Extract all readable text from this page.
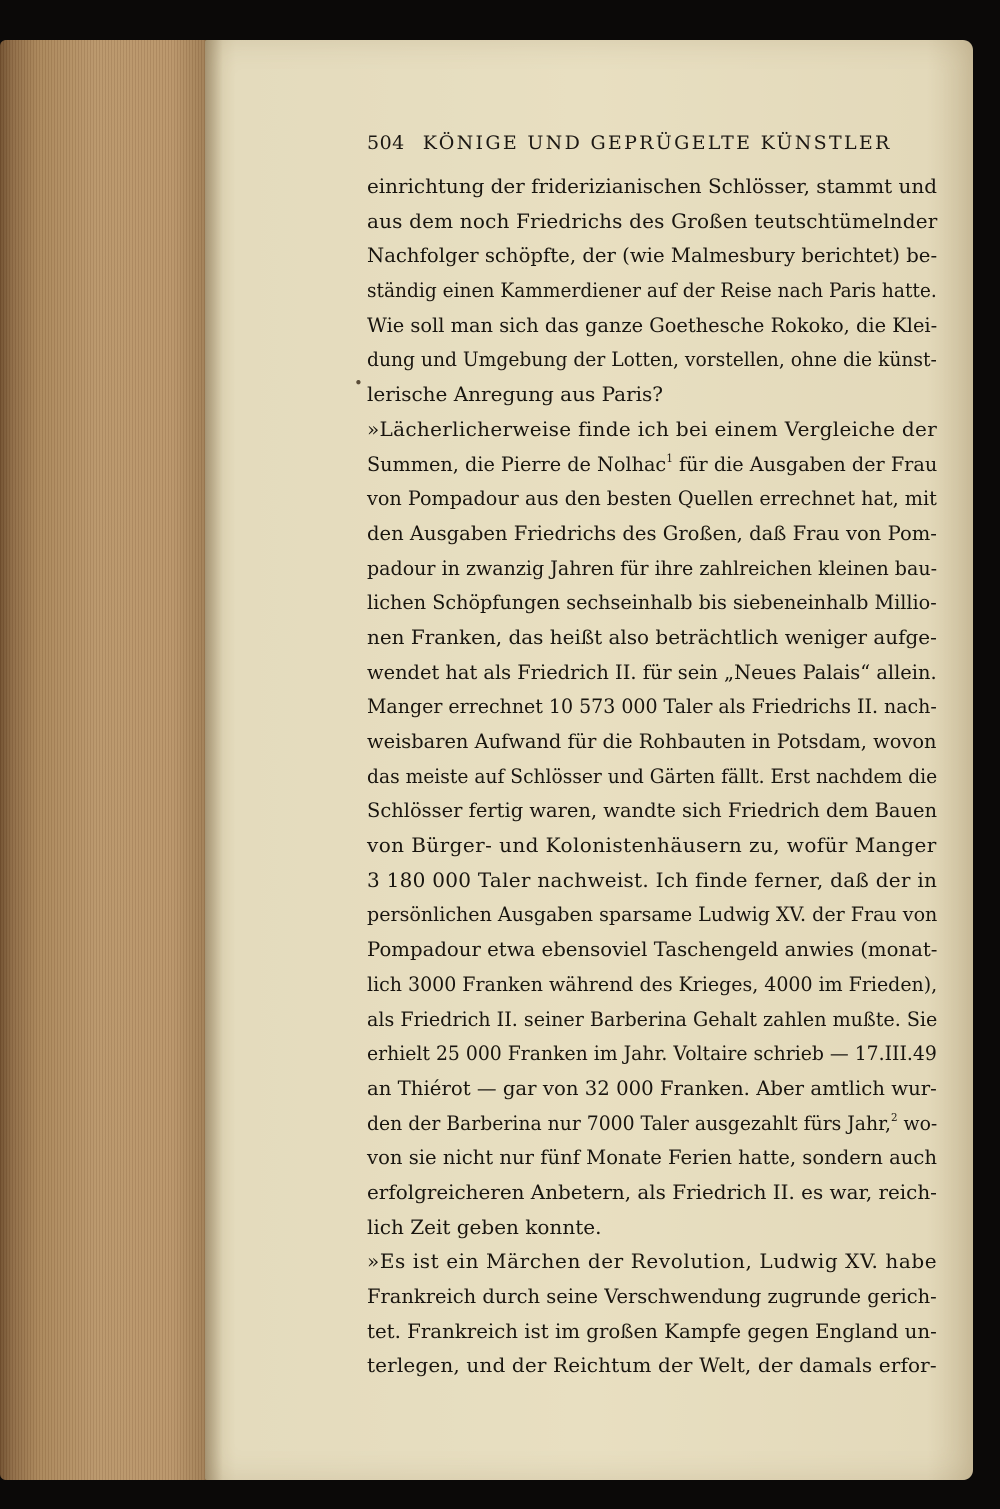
504 KÖNIGE UND GEPRÜGELTE KÜNSTLER
•
einrichtung der friderizianischen Schlösser, stammt und
aus dem noch Friedrichs des Großen teutschtümelnder
Nachfolger schöpfte, der (wie Malmesbury berichtet) be-
ständig einen Kammerdiener auf der Reise nach Paris hatte.
Wie soll man sich das ganze Goethesche Rokoko, die Klei-
dung und Umgebung der Lotten, vorstellen, ohne die künst-
lerische Anregung aus Paris?
»Lächerlicherweise finde ich bei einem Vergleiche der
Summen, die Pierre de Nolhac$^1$ für die Ausgaben der Frau
von Pompadour aus den besten Quellen errechnet hat, mit
den Ausgaben Friedrichs des Großen, daß Frau von Pom-
padour in zwanzig Jahren für ihre zahlreichen kleinen bau-
lichen Schöpfungen sechseinhalb bis siebeneinhalb Millio-
nen Franken, das heißt also beträchtlich weniger aufge-
wendet hat als Friedrich II. für sein „Neues Palais“ allein.
Manger errechnet 10 573 000 Taler als Friedrichs II. nach-
weisbaren Aufwand für die Rohbauten in Potsdam, wovon
das meiste auf Schlösser und Gärten fällt. Erst nachdem die
Schlösser fertig waren, wandte sich Friedrich dem Bauen
von Bürger- und Kolonistenhäusern zu, wofür Manger
3 180 000 Taler nachweist. Ich finde ferner, daß der in
persönlichen Ausgaben sparsame Ludwig XV. der Frau von
Pompadour etwa ebensoviel Taschengeld anwies (monat-
lich 3000 Franken während des Krieges, 4000 im Frieden),
als Friedrich II. seiner Barberina Gehalt zahlen mußte. Sie
erhielt 25 000 Franken im Jahr. Voltaire schrieb — 17.III.49
an Thiérot — gar von 32 000 Franken. Aber amtlich wur-
den der Barberina nur 7000 Taler ausgezahlt fürs Jahr,$^2$ wo-
von sie nicht nur fünf Monate Ferien hatte, sondern auch
erfolgreicheren Anbetern, als Friedrich II. es war, reich-
lich Zeit geben konnte.
»Es ist ein Märchen der Revolution, Ludwig XV. habe
Frankreich durch seine Verschwendung zugrunde gerich-
tet. Frankreich ist im großen Kampfe gegen England un-
terlegen, und der Reichtum der Welt, der damals erfor-
